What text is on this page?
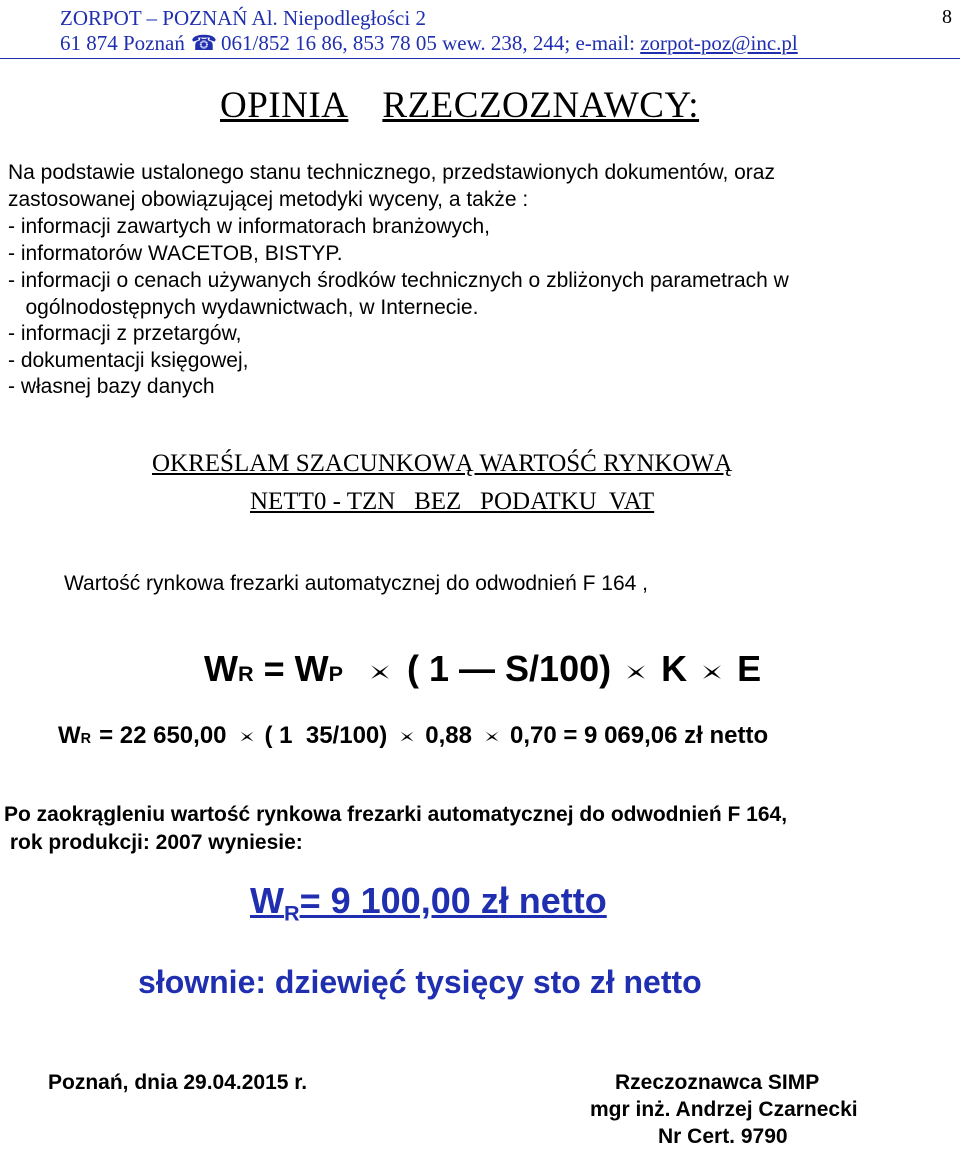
ZORPOT – POZNAŃ Al. Niepodległości 2
61 874 Poznań ☎ 061/852 16 86, 853 78 05 wew. 238, 244; e-mail: zorpot-poz@inc.pl
8
OPINIA RZECZOZNAWCY:
Na podstawie ustalonego stanu technicznego, przedstawionych dokumentów, oraz
zastosowanej obowiązującej metodyki wyceny, a także :
- informacji zawartych w informatorach branżowych,
- informatorów WACETOB, BISTYP.
- informacji o cenach używanych środków technicznych o zbliżonych parametrach w
ogólnodostępnych wydawnictwach, w Internecie.
- informacji z przetargów,
- dokumentacji księgowej,
- własnej bazy danych
OKREŚLAM SZACUNKOWĄ WARTOŚĆ RYNKOWĄ
NETT0 - TZN   BEZ   PODATKU  VAT
Wartość rynkowa frezarki automatycznej do odwodnień F 164 ,
W R = W P ( 1 — S/100) K E
W R = 22 650,00 ( 1  35/100) 0,88 0,70 = 9 069,06 zł netto
Po zaokrągleniu wartość rynkowa frezarki automatycznej do odwodnień F 164,
rok produkcji: 2007 wyniesie:
$W_R= 9$ 100,00 zł netto
słownie: dziewięć tysięcy sto zł netto
Poznań, dnia 29.04.2015 r.	Rzeczoznawca SIMP
mgr inż. Andrzej Czarnecki
Nr Cert. 9790
